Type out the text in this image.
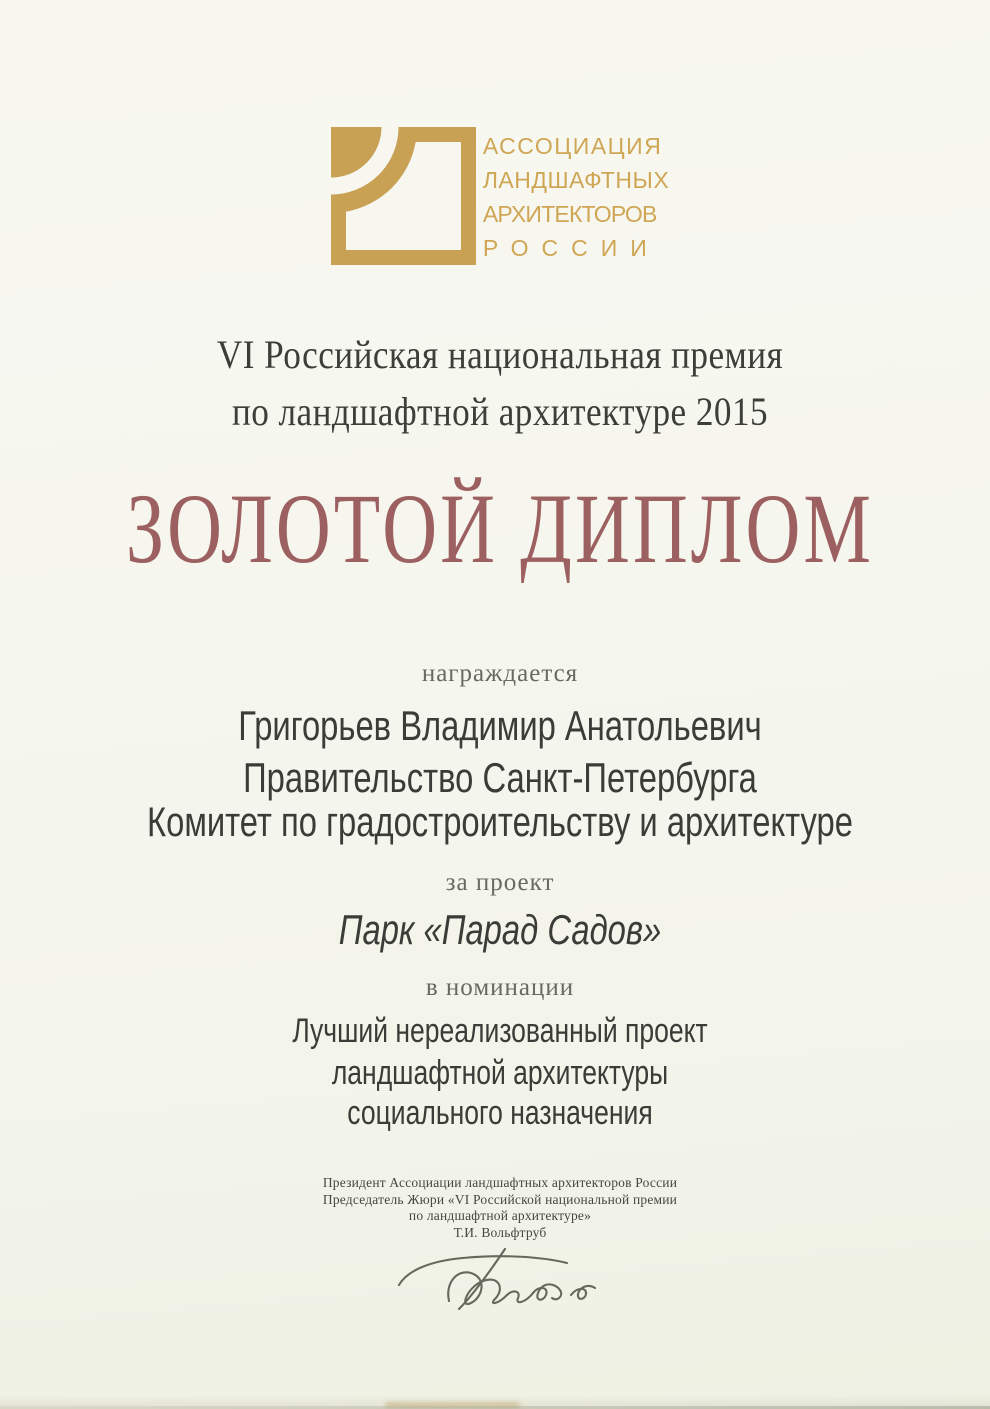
АССОЦИАЦИЯ
ЛАНДШАФТНЫХ
АРХИТЕКТОРОВ
РОССИИ
VI Российская национальная премия
по ландшафтной архитектуре 2015
ЗОЛОТОЙ ДИПЛОМ
награждается
Григорьев Владимир Анатольевич
Правительство Санкт-Петербурга
Комитет по градостроительству и архитектуре
за проект
Парк «Парад Садов»
в номинации
Лучший нереализованный проект
ландшафтной архитектуры
социального назначения
Президент Ассоциации ландшафтных архитекторов России
Председатель Жюри «VI Российской национальной премии
по ландшафтной архитектуре»
Т.И. Вольфтруб
